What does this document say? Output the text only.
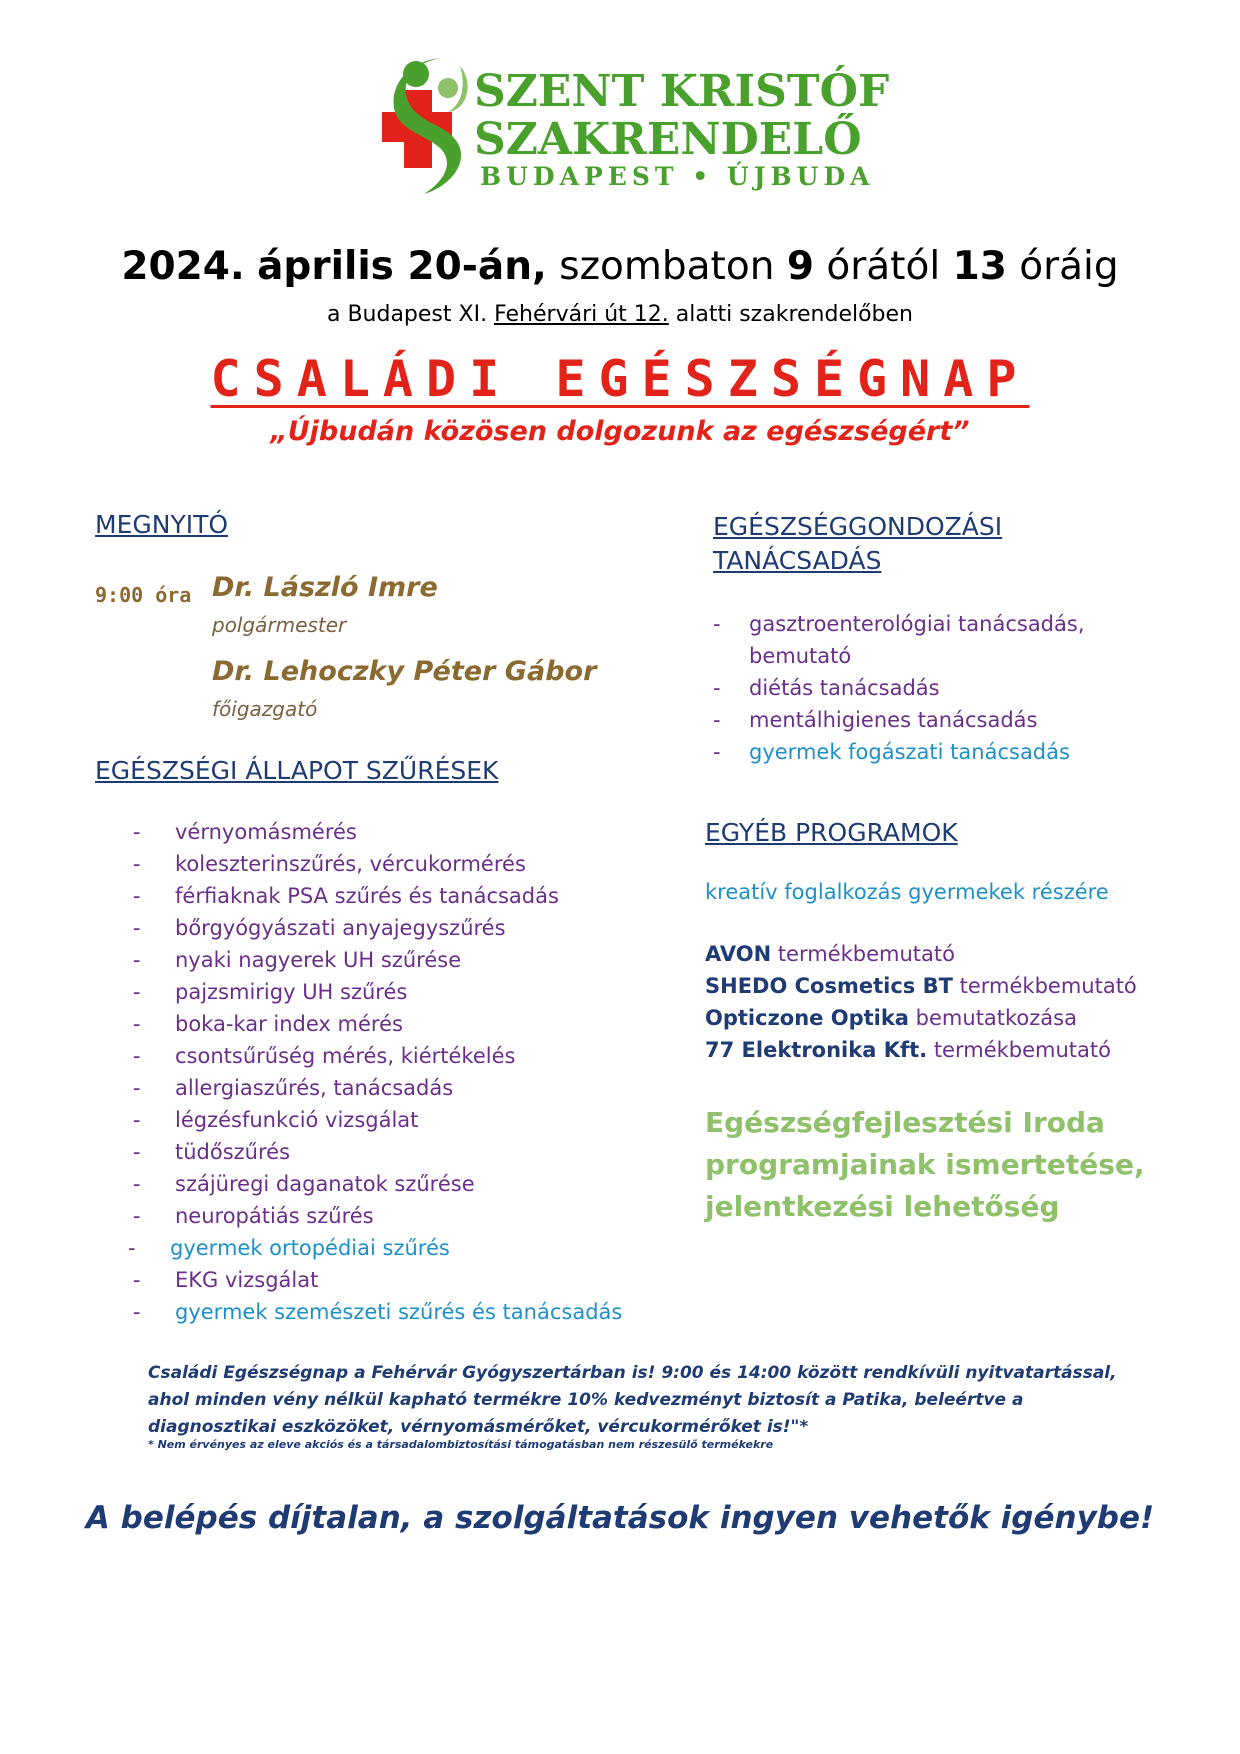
SZENT KRISTÓF
SZAKRENDELŐ
BUDAPEST • ÚJBUDA
2024. április 20-án, szombaton 9 órától 13 óráig
a Budapest XI. Fehérvári út 12. alatti szakrendelőben
CSALÁDI EGÉSZSÉGNAP
„Újbudán közösen dolgozunk az egészségért”
MEGNYITÓ
9:00 óra Dr. László Imre
polgármester
Dr. Lehoczky Péter Gábor
főigazgató
EGÉSZSÉGI ÁLLAPOT SZŰRÉSEK
- vérnyomásmérés
- koleszterinszűrés, vércukormérés
- férfiaknak PSA szűrés és tanácsadás
- bőrgyógyászati anyajegyszűrés
- nyaki nagyerek UH szűrése
- pajzsmirigy UH szűrés
- boka-kar index mérés
- csontsűrűség mérés, kiértékelés
- allergiaszűrés, tanácsadás
- légzésfunkció vizsgálat
- tüdőszűrés
- szájüregi daganatok szűrése
- neuropátiás szűrés
- gyermek ortopédiai szűrés
- EKG vizsgálat
- gyermek szemészeti szűrés és tanácsadás
EGÉSZSÉGGONDOZÁSI
TANÁCSADÁS
- gasztroenterológiai tanácsadás,
bemutató
- diétás tanácsadás
- mentálhigienes tanácsadás
- gyermek fogászati tanácsadás
EGYÉB PROGRAMOK
kreatív foglalkozás gyermekek részére
AVON termékbemutató
SHEDO Cosmetics BT termékbemutató
Opticzone Optika bemutatkozása
77 Elektronika Kft. termékbemutató
Egészségfejlesztési Iroda programjainak ismertetése, jelentkezési lehetőség
Családi Egészségnap a Fehérvár Gyógyszertárban is! 9:00 és 14:00 között rendkívüli nyitvatartással, ahol minden vény nélkül kapható termékre 10% kedvezményt biztosít a Patika, beleértve a diagnosztikai eszközöket, vérnyomásmérőket, vércukormérőket is!"*
* Nem érvényes az eleve akciós és a társadalombiztosítási támogatásban nem részesülő termékekre
A belépés díjtalan, a szolgáltatások ingyen vehetők igénybe!
